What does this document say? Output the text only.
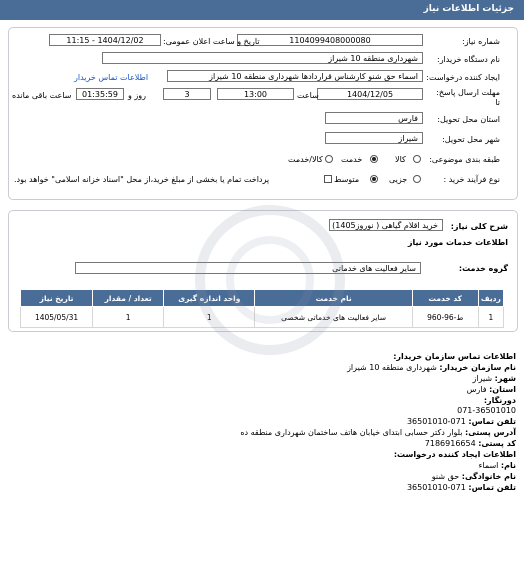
جزئیات اطلاعات نیاز
شماره نیاز:
1104099408000080
تاریخ و ساعت اعلان عمومی:
1404/12/02 - 11:15
نام دستگاه خریدار:
شهرداری منطقه 10 شیراز
ایجاد کننده درخواست:
اسماء حق شنو کارشناس قراردادها شهرداری منطقه 10 شیراز
اطلاعات تماس خریدار
مهلت ارسال پاسخ: تا
1404/12/05
ساعت
13:00
3
روز و
01:35:59
ساعت باقی مانده
استان محل تحویل:
فارس
شهر محل تحویل:
شیراز
طبقه بندی موضوعی:
کالا
خدمت
کالا/خدمت
نوع فرآیند خرید :
جزیی
متوسط
پرداخت تمام یا بخشی از مبلغ خرید،از محل "اسناد خزانه اسلامی" خواهد بود.
شرح کلی نیاز:
خرید اقلام گیاهی ( نوروز1405)
اطلاعات خدمات مورد نیاز
گروه خدمت:
سایر فعالیت های خدماتی
ردیف	کد خدمت	نام خدمت	واحد اندازه گیری	تعداد / مقدار	تاریخ نیاز
1	ط-96-960	سایر فعالیت های خدماتی شخصی	1	1	1405/05/31
اطلاعات تماس سازمان خریدار:
نام سازمان خریدار: شهرداری منطقه 10 شیراز
شهر: شیراز
استان: فارس
دورنگار:
071-36501010
تلفن تماس: 071-36501010
آدرس پستی: بلوار دکتر حسابی ابتدای خیابان هاتف ساختمان شهرداری منطقه ده
کد پستی: 7186916654
اطلاعات ایجاد کننده درخواست:
نام: اسماء
نام خانوادگی: حق شنو
تلفن تماس: 071-36501010
